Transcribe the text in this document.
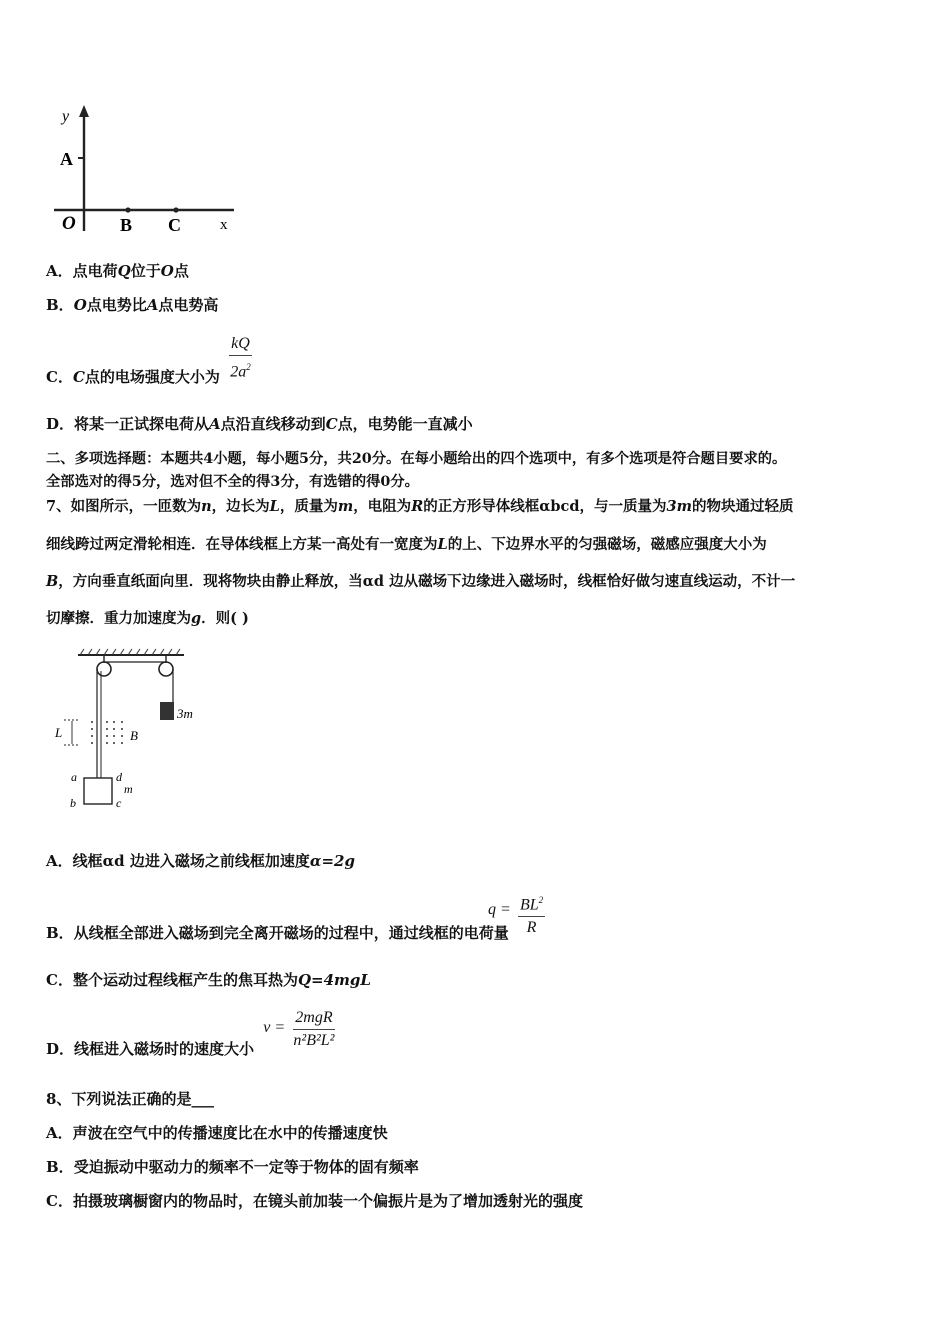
y
A
O B C	x
A．点电荷Q位于O点
B．O点电势比A点电势高
C．C点的电场强度大小为 $\frac{kQ}{2a^2}$
D．将某一正试探电荷从A点沿直线移动到C点，电势能一直减小
二、多项选择题：本题共4小题，每小题5分，共20分。在每小题给出的四个选项中，有多个选项是符合题目要求的。
全部选对的得5分，选对但不全的得3分，有选错的得0分。
7、如图所示，一匝数为n，边长为L，质量为m，电阻为R的正方形导体线框αbcd，与一质量为3m的物块通过轻质
细线跨过两定滑轮相连．在导体线框上方某一高处有一宽度为L的上、下边界水平的匀强磁场，磁感应强度大小为
B，方向垂直纸面向里．现将物块由静止释放，当αd 边从磁场下边缘进入磁场时，线框恰好做匀速直线运动，不计一
切摩擦．重力加速度为g．则( )
3m
L	B
a	d
b	c
m
A．线框αd 边进入磁场之前线框加速度α=2g
B．从线框全部进入磁场到完全离开磁场的过程中，通过线框的电荷量
$q = BL^2$
R
C．整个运动过程线框产生的焦耳热为Q=4mgL
D．线框进入磁场时的速度大小
v =
2mgR
n²B²L²
8、下列说法正确的是___
A．声波在空气中的传播速度比在水中的传播速度快
B．受迫振动中驱动力的频率不一定等于物体的固有频率
C．拍摄玻璃橱窗内的物品时，在镜头前加装一个偏振片是为了增加透射光的强度
